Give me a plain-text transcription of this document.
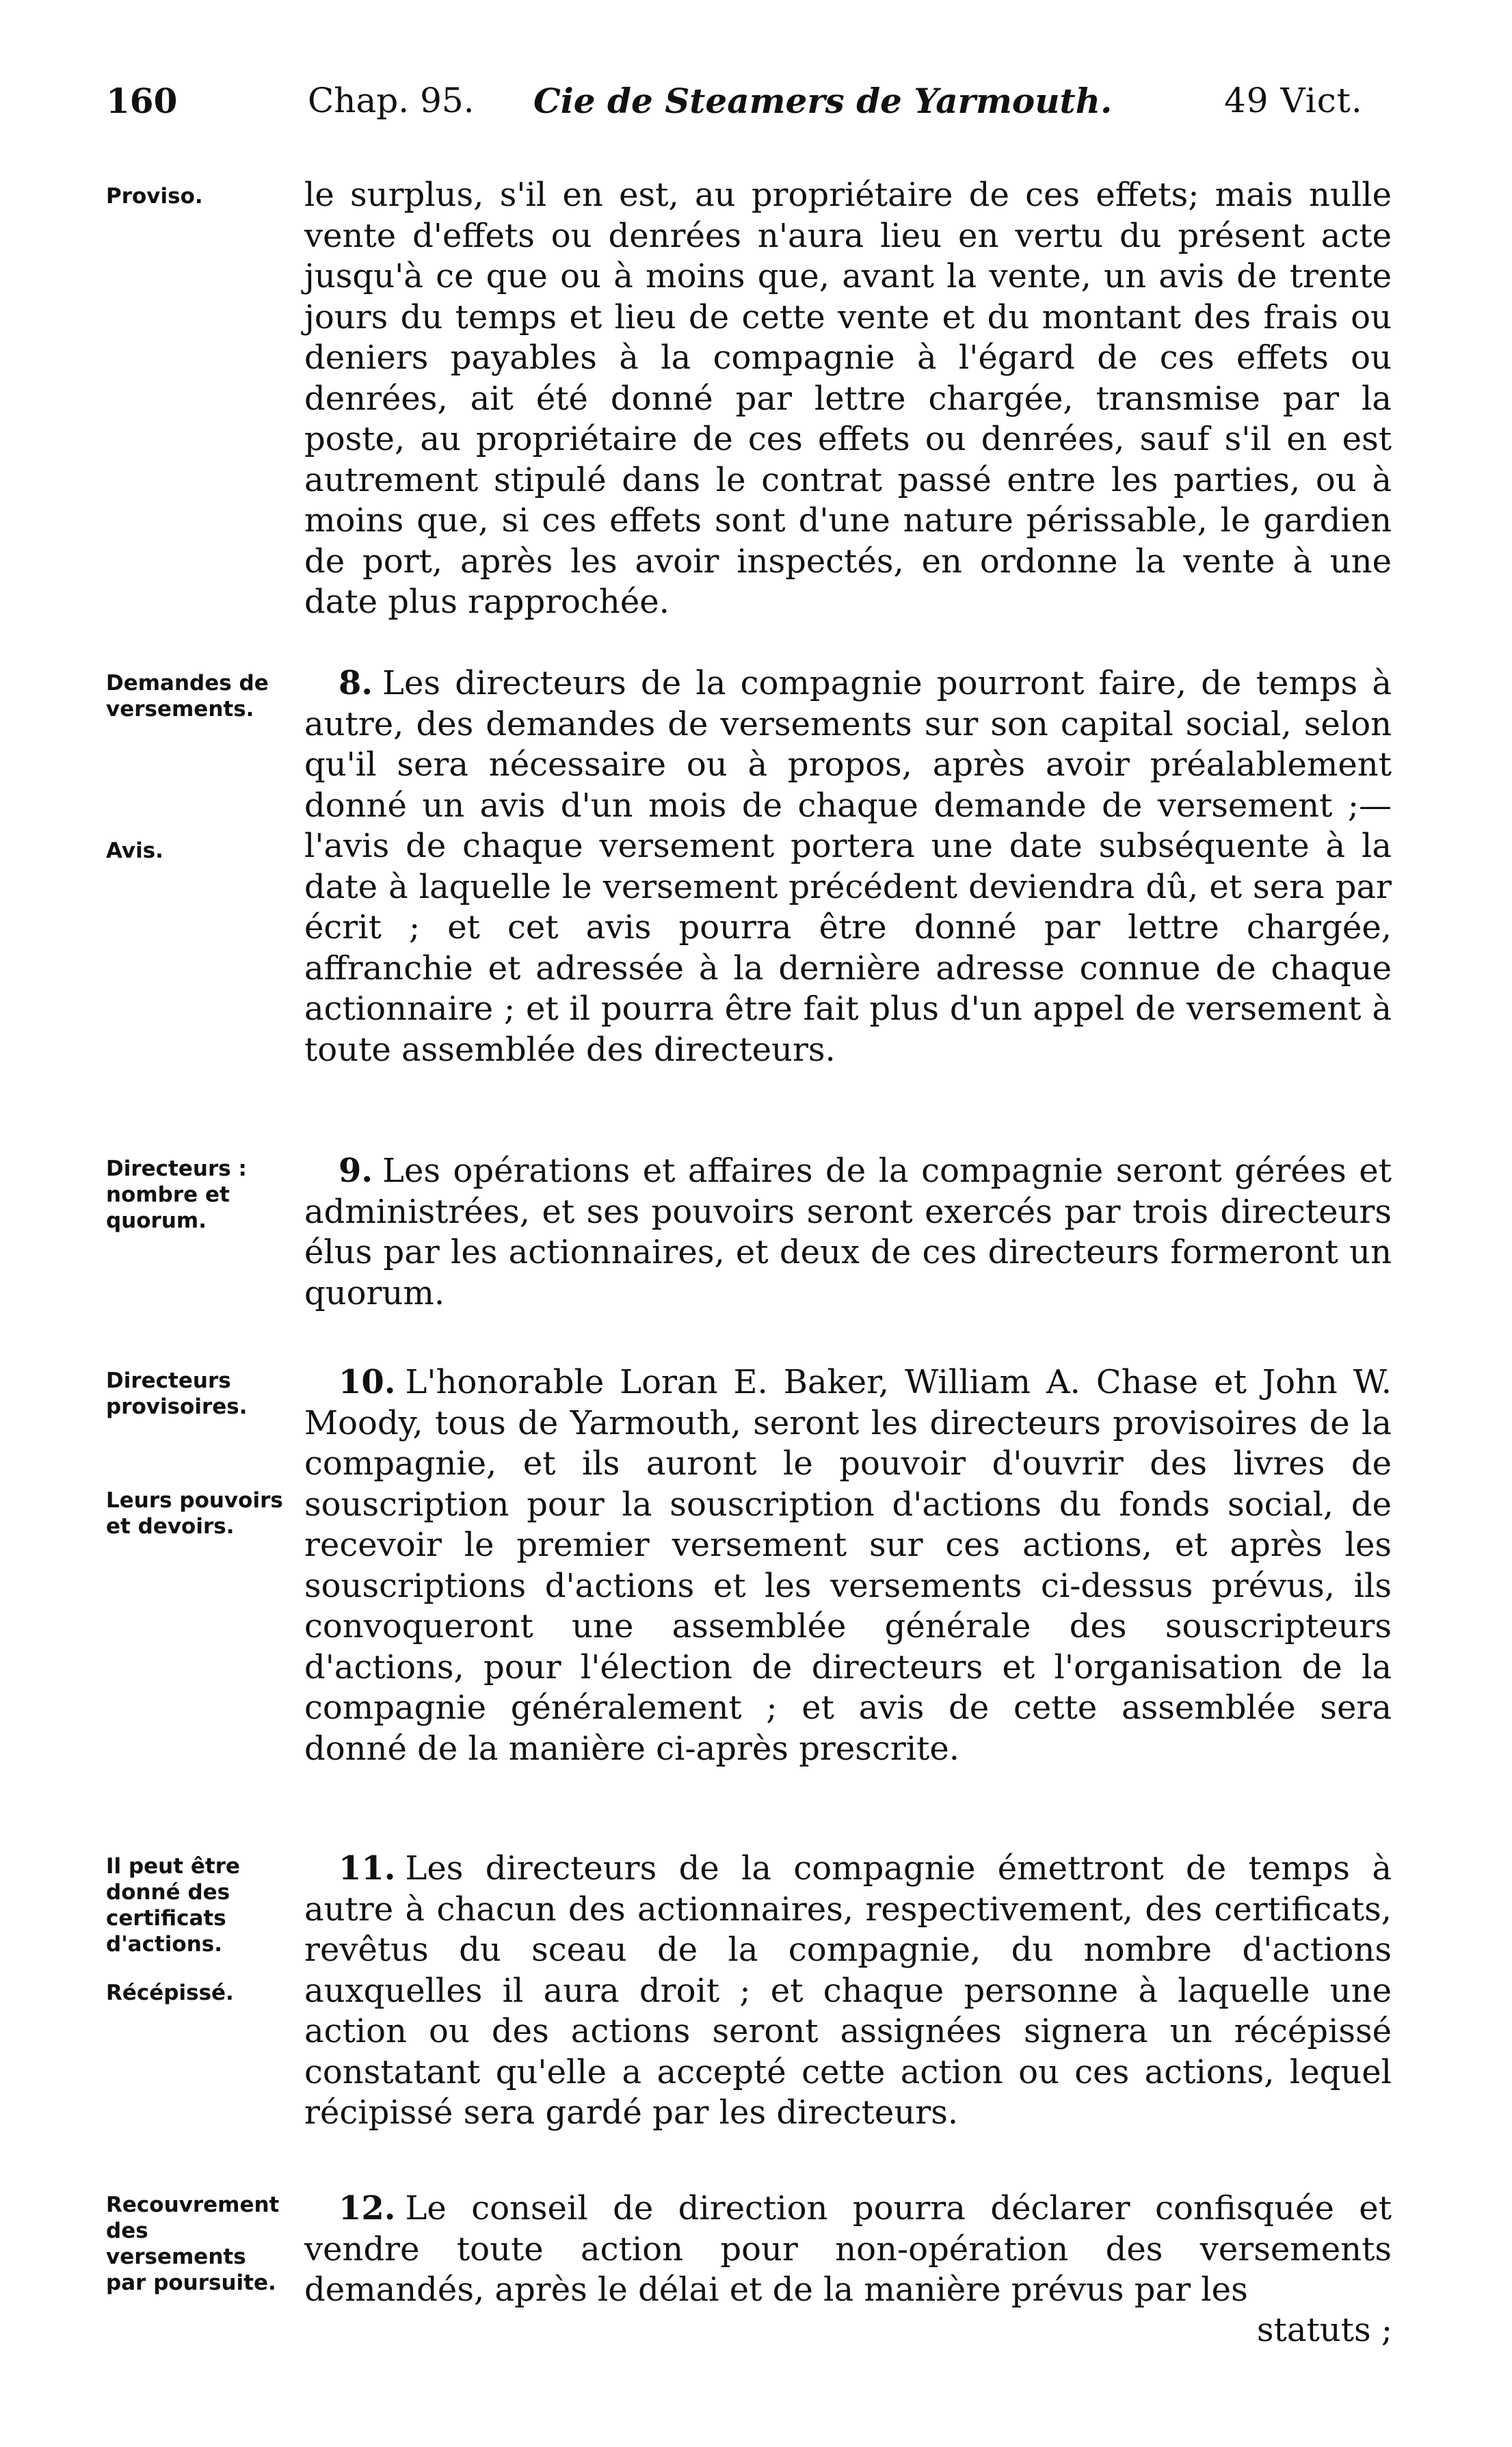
160	Chap. 95. Cie de Steamers de Yarmouth.	49 Vict.
Proviso.
Demandes de versements.
Avis.
Directeurs : nombre et quorum.
Directeurs provisoires.
Leurs pouvoirs et devoirs.
Il peut être donné des certificats d'actions.
Récépissé.
Recouvrement des versements par poursuite.
le surplus, s'il en est, au propriétaire de ces effets; mais nulle vente d'effets ou denrées n'aura lieu en vertu du présent acte jusqu'à ce que ou à moins que, avant la vente, un avis de trente jours du temps et lieu de cette vente et du montant des frais ou deniers payables à la compagnie à l'égard de ces effets ou denrées, ait été donné par lettre chargée, transmise par la poste, au propriétaire de ces effets ou denrées, sauf s'il en est autrement stipulé dans le contrat passé entre les parties, ou à moins que, si ces effets sont d'une nature périssable, le gardien de port, après les avoir inspectés, en ordonne la vente à une date plus rapprochée.
8. Les directeurs de la compagnie pourront faire, de temps à autre, des demandes de versements sur son capital social, selon qu'il sera nécessaire ou à propos, après avoir préalablement donné un avis d'un mois de chaque demande de versement ;—l'avis de chaque versement portera une date subséquente à la date à laquelle le versement précédent deviendra dû, et sera par écrit ; et cet avis pourra être donné par lettre chargée, affranchie et adressée à la dernière adresse connue de chaque actionnaire ; et il pourra être fait plus d'un appel de versement à toute assemblée des directeurs.
9. Les opérations et affaires de la compagnie seront gérées et administrées, et ses pouvoirs seront exercés par trois directeurs élus par les actionnaires, et deux de ces directeurs formeront un quorum.
10. L'honorable Loran E. Baker, William A. Chase et John W. Moody, tous de Yarmouth, seront les directeurs provisoires de la compagnie, et ils auront le pouvoir d'ouvrir des livres de souscription pour la souscription d'actions du fonds social, de recevoir le premier versement sur ces actions, et après les souscriptions d'actions et les versements ci-dessus prévus, ils convoqueront une assemblée générale des souscripteurs d'actions, pour l'élection de directeurs et l'organisation de la compagnie généralement ; et avis de cette assemblée sera donné de la manière ci-après prescrite.
11. Les directeurs de la compagnie émettront de temps à autre à chacun des actionnaires, respectivement, des certificats, revêtus du sceau de la compagnie, du nombre d'actions auxquelles il aura droit ; et chaque personne à laquelle une action ou des actions seront assignées signera un récépissé constatant qu'elle a accepté cette action ou ces actions, lequel récipissé sera gardé par les directeurs.
12. Le conseil de direction pourra déclarer confisquée et vendre toute action pour non-opération des versements demandés, après le délai et de la manière prévus par les
statuts ;
